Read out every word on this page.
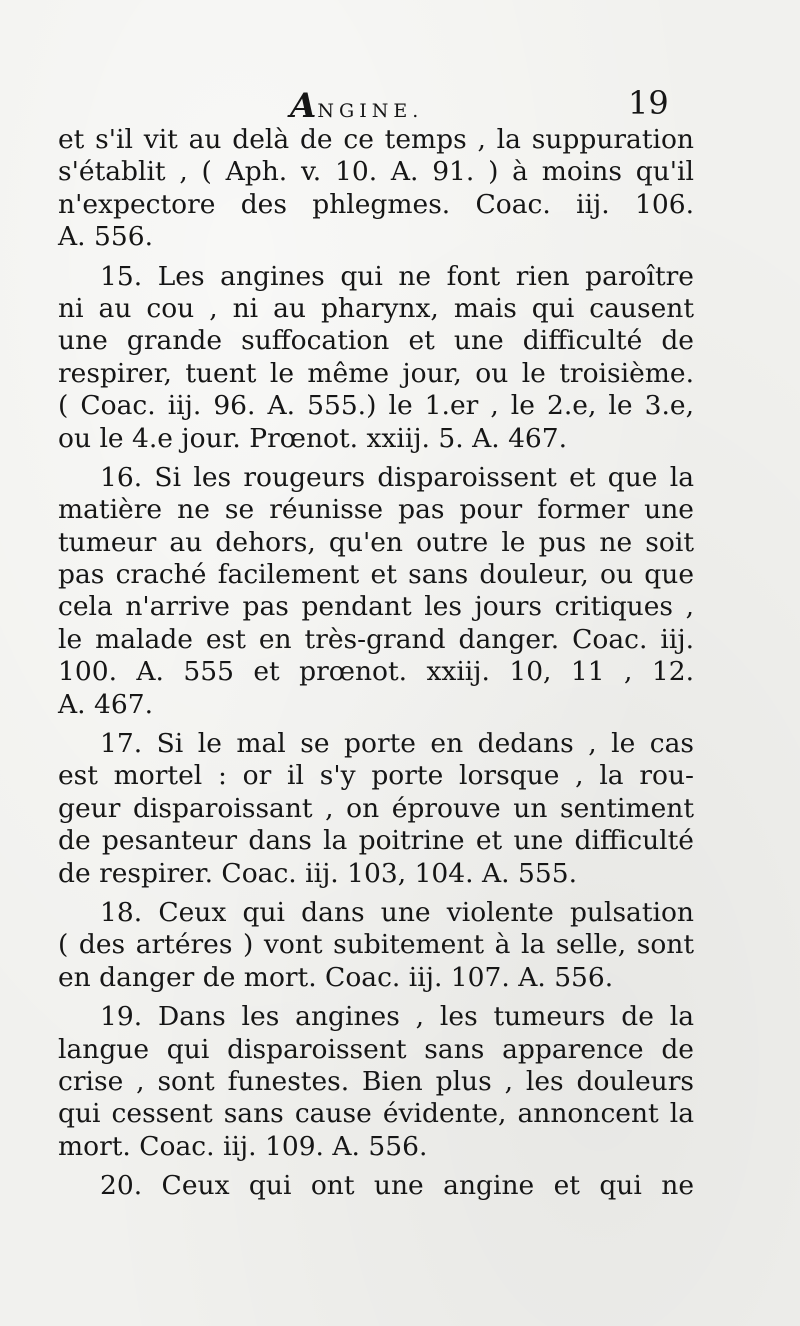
ANGINE.	19
et s'il vit au delà de ce temps , la suppuration
s'établit , ( Aph. v. 10. A. 91. ) à moins qu'il
n'expectore des phlegmes. Coac. iij. 106.
A. 556.
15. Les angines qui ne font rien paroître
ni au cou , ni au pharynx, mais qui causent
une grande suffocation et une difficulté de
respirer, tuent le même jour, ou le troisième.
( Coac. iij. 96. A. 555.) le 1.er , le 2.e, le 3.e,
ou le 4.e jour. Prœnot. xxiij. 5. A. 467.
16. Si les rougeurs disparoissent et que la
matière ne se réunisse pas pour former une
tumeur au dehors, qu'en outre le pus ne soit
pas craché facilement et sans douleur, ou que
cela n'arrive pas pendant les jours critiques ,
le malade est en très-grand danger. Coac. iij.
100. A. 555 et prœnot. xxiij. 10, 11 , 12.
A. 467.
17. Si le mal se porte en dedans , le cas
est mortel : or il s'y porte lorsque , la rou-
geur disparoissant , on éprouve un sentiment
de pesanteur dans la poitrine et une difficulté
de respirer. Coac. iij. 103, 104. A. 555.
18. Ceux qui dans une violente pulsation
( des artéres ) vont subitement à la selle, sont
en danger de mort. Coac. iij. 107. A. 556.
19. Dans les angines , les tumeurs de la
langue qui disparoissent sans apparence de
crise , sont funestes. Bien plus , les douleurs
qui cessent sans cause évidente, annoncent la
mort. Coac. iij. 109. A. 556.
20. Ceux qui ont une angine et qui ne
